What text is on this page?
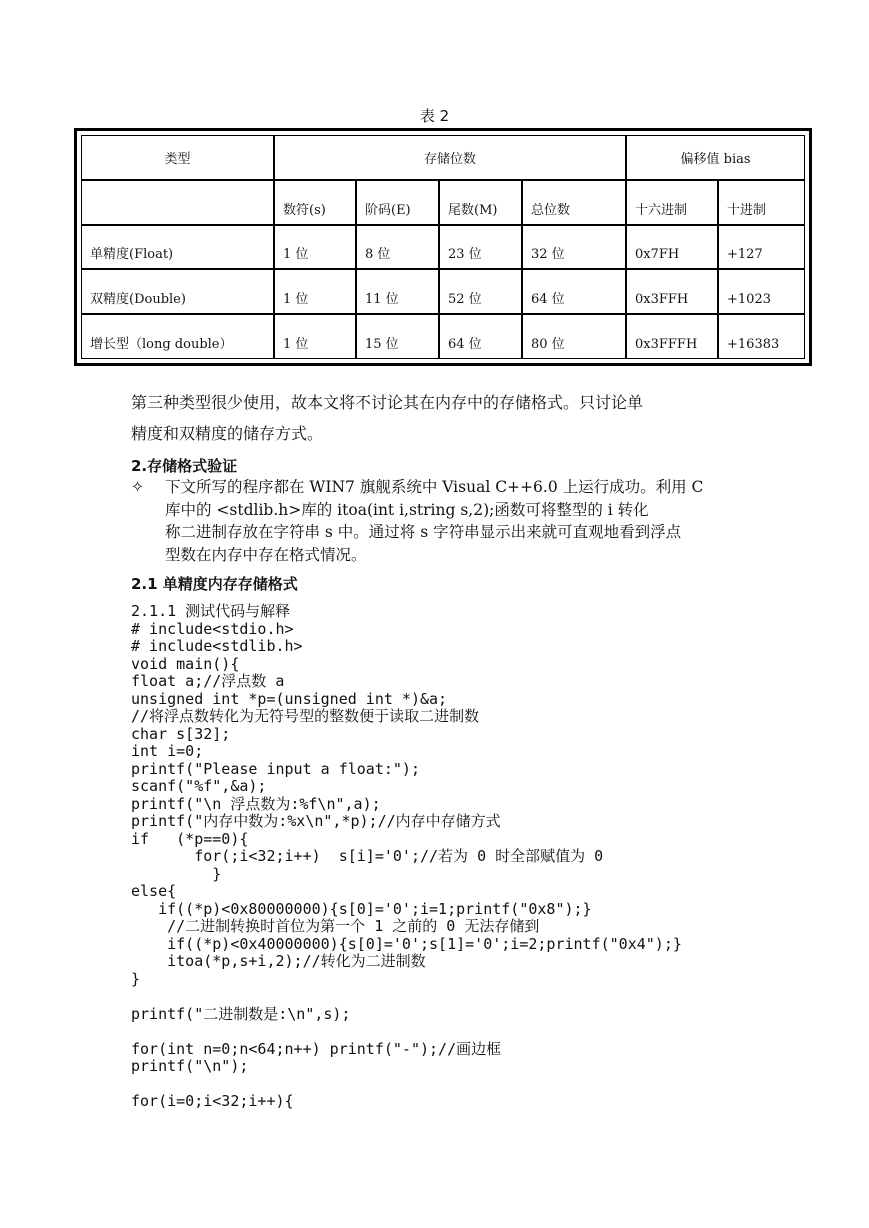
表 2
类型	存储位数				偏移值 bias	
	数符(s)	阶码(E)	尾数(M)	总位数	十六进制	十进制
单精度(Float)	1 位	8 位	23 位	32 位	0x7FH	+127
双精度(Double)	1 位	11 位	52 位	64 位	0x3FFH	+1023
增长型（long double）	1 位	15 位	64 位	80 位	0x3FFFH	+16383
第三种类型很少使用，故本文将不讨论其在内存中的存储格式。只讨论单
精度和双精度的储存方式。
2.存储格式验证
✧ 下文所写的程序都在 WIN7 旗舰系统中 Visual C++6.0 上运行成功。利用 C
库中的 <stdlib.h>库的 itoa(int i,string s,2);函数可将整型的 i 转化
称二进制存放在字符串 s 中。通过将 s 字符串显示出来就可直观地看到浮点
型数在内存中存在格式情况。
2.1 单精度内存存储格式
2.1.1 测试代码与解释
# include<stdio.h>
# include<stdlib.h>
void main(){
float a;//浮点数 a
unsigned int *p=(unsigned int *)&a;
//将浮点数转化为无符号型的整数便于读取二进制数
char s[32];
int i=0;
printf("Please input a float:");
scanf("%f",&a);
printf("\n 浮点数为:%f\n",a);
printf("内存中数为:%x\n",*p);//内存中存储方式
if   (*p==0){
for(;i<32;i++)  s[i]='0';//若为 0 时全部赋值为 0
}
else{
if((*p)<0x80000000){s[0]='0';i=1;printf("0x8");}
//二进制转换时首位为第一个 1 之前的 0 无法存储到
if((*p)<0x40000000){s[0]='0';s[1]='0';i=2;printf("0x4");}
itoa(*p,s+i,2);//转化为二进制数
}
printf("二进制数是:\n",s);
for(int n=0;n<64;n++) printf("-");//画边框
printf("\n");
for(i=0;i<32;i++){
